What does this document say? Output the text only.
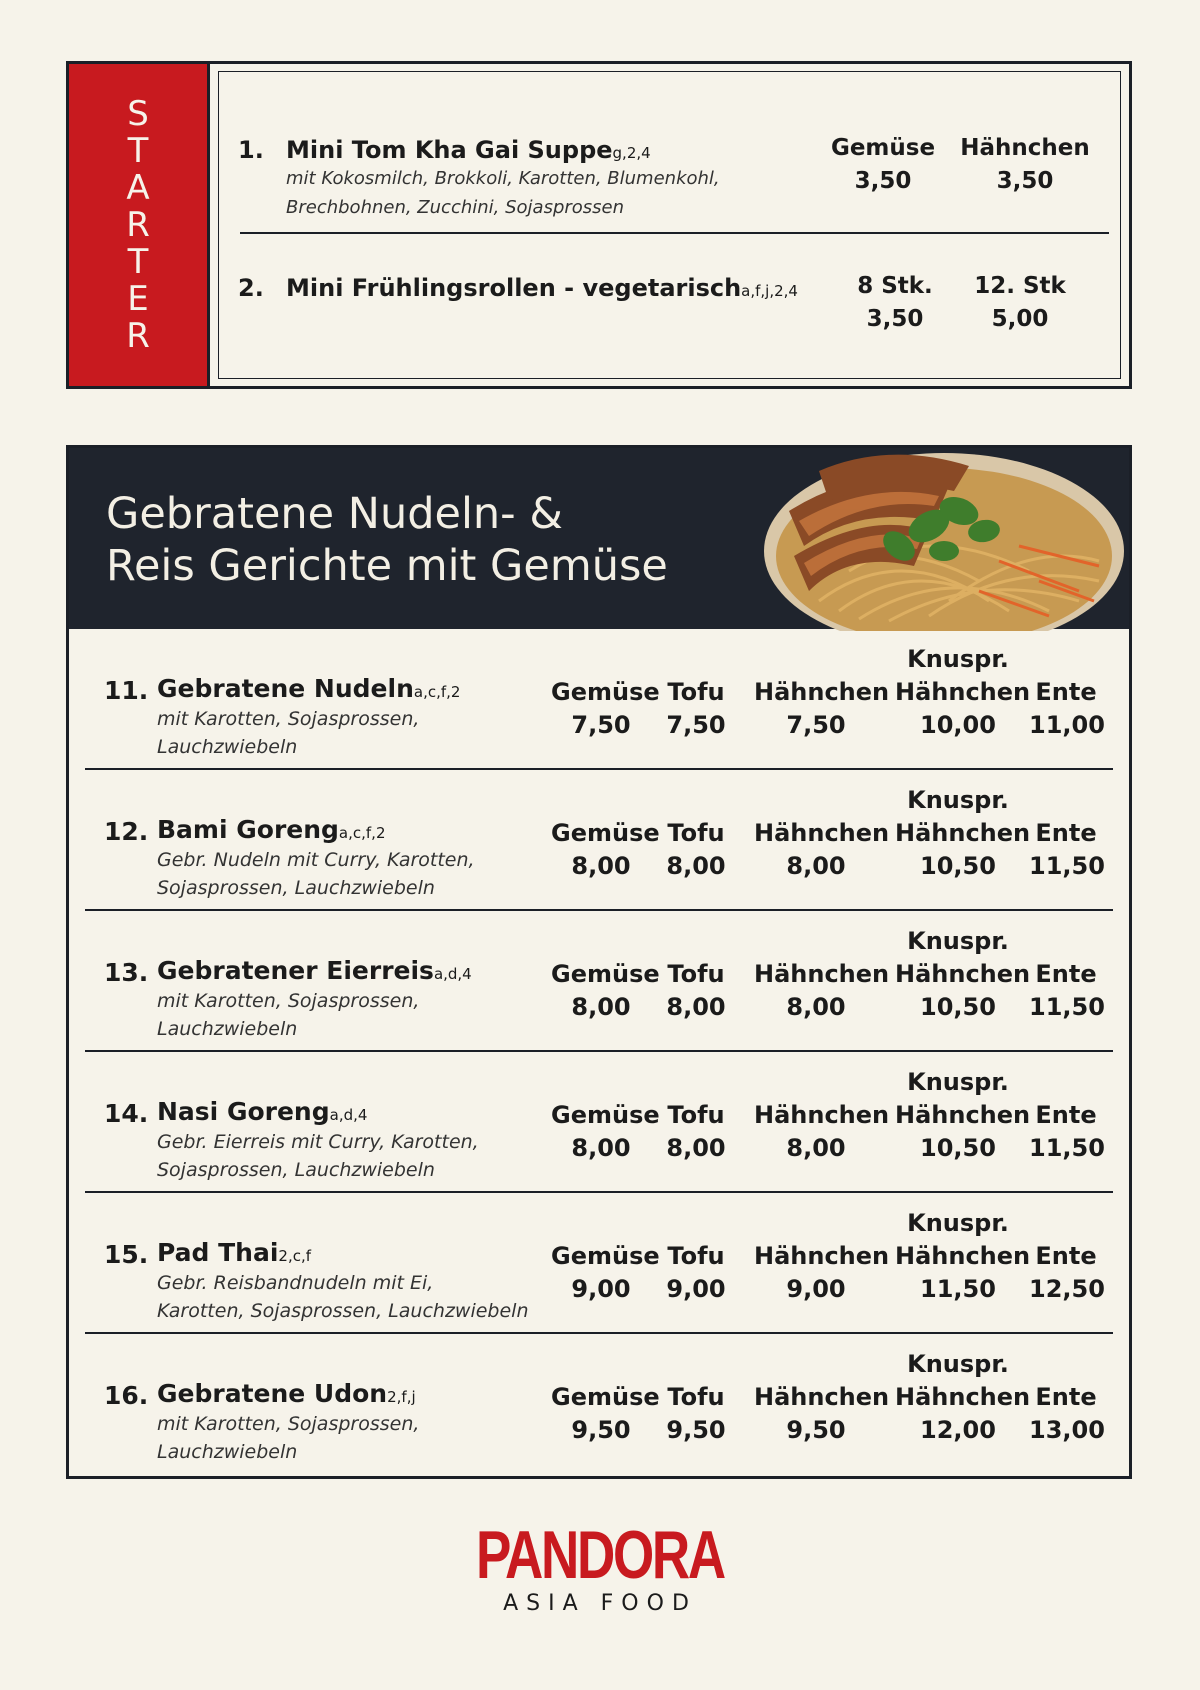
S
T
A
R
T
E
R
1. Mini Tom Kha Gai Suppeg,2,4
mit Kokosmilch, Brokkoli, Karotten, Blumenkohl,
Brechbohnen, Zucchini, Sojasprossen
Gemüse
3,50
Hähnchen
3,50
2. Mini Frühlingsrollen - vegetarischa,f,j,2,4	8 Stk.
3,50
12. Stk
5,00
Gebratene Nudeln- &
Reis Gerichte mit Gemüse
11. Gebratene Nudelna,c,f,2
mit Karotten, Sojasprossen,
Lauchzwiebeln
Gemüse
7,50
Tofu
7,50
Hähnchen
7,50
Knuspr.
Hähnchen
10,00
Ente
11,00
12. Bami Gorenga,c,f,2
Gebr. Nudeln mit Curry, Karotten,
Sojasprossen, Lauchzwiebeln
Gemüse
8,00
Tofu
8,00
Hähnchen
8,00
Knuspr.
Hähnchen
10,50
Ente
11,50
13. Gebratener Eierreisa,d,4
mit Karotten, Sojasprossen,
Lauchzwiebeln
Gemüse
8,00
Tofu
8,00
Hähnchen
8,00
Knuspr.
Hähnchen
10,50
Ente
11,50
14. Nasi Gorenga,d,4
Gebr. Eierreis mit Curry, Karotten,
Sojasprossen, Lauchzwiebeln
Gemüse
8,00
Tofu
8,00
Hähnchen
8,00
Knuspr.
Hähnchen
10,50
Ente
11,50
15. Pad Thai2,c,f
Gebr. Reisbandnudeln mit Ei,
Karotten, Sojasprossen, Lauchzwiebeln
Gemüse
9,00
Tofu
9,00
Hähnchen
9,00
Knuspr.
Hähnchen
11,50
Ente
12,50
16. Gebratene Udon2,f,j
mit Karotten, Sojasprossen,
Lauchzwiebeln
Gemüse
9,50
Tofu
9,50
Hähnchen
9,50
Knuspr.
Hähnchen
12,00
Ente
13,00
PANDORA
ASIA FOOD
